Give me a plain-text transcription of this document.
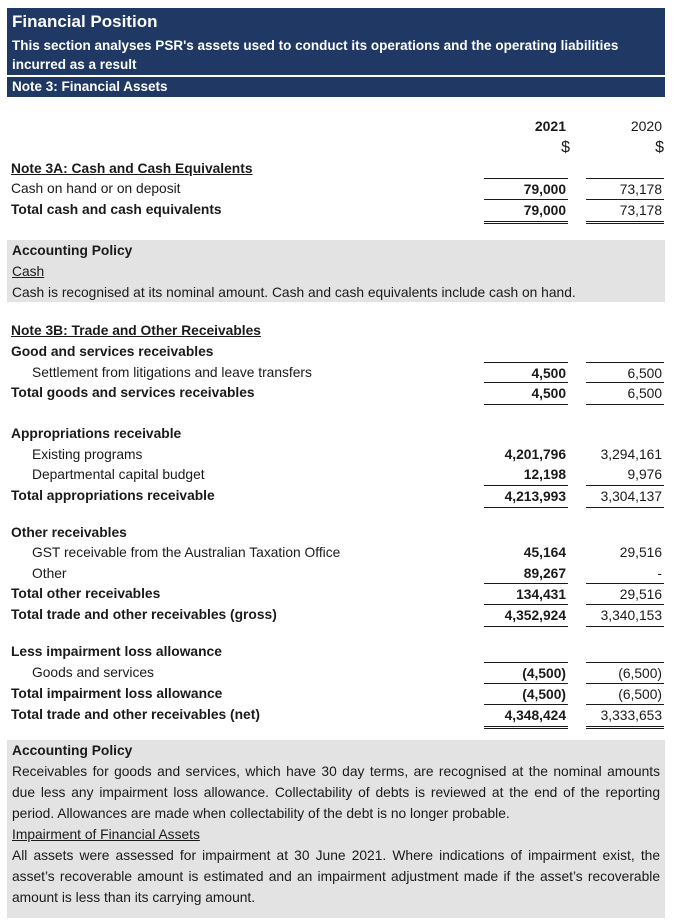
Financial Position
This section analyses PSR's assets used to conduct its operations and the operating liabilities incurred as a result
Note 3: Financial Assets
2021	2020
$	$
Note 3A: Cash and Cash Equivalents
Cash on hand or on deposit	79,000	73,178
Total cash and cash equivalents	79,000	73,178
Accounting Policy
Cash
Cash is recognised at its nominal amount. Cash and cash equivalents include cash on hand.
Note 3B: Trade and Other Receivables
Good and services receivables
Settlement from litigations and leave transfers	4,500	6,500
Total goods and services receivables	4,500	6,500
Appropriations receivable
Existing programs	4,201,796	3,294,161
Departmental capital budget	12,198	9,976
Total appropriations receivable	4,213,993	3,304,137
Other receivables
GST receivable from the Australian Taxation Office	45,164	29,516
Other	89,267	-
Total other receivables	134,431	29,516
Total trade and other receivables (gross)	4,352,924	3,340,153
Less impairment loss allowance
Goods and services	(4,500)	(6,500)
Total impairment loss allowance	(4,500)	(6,500)
Total trade and other receivables (net)	4,348,424	3,333,653
Accounting Policy
Receivables for goods and services, which have 30 day terms, are recognised at the nominal amounts due less any impairment loss allowance. Collectability of debts is reviewed at the end of the reporting period. Allowances are made when collectability of the debt is no longer probable.
Impairment of Financial Assets
All assets were assessed for impairment at 30 June 2021. Where indications of impairment exist, the asset’s recoverable amount is estimated and an impairment adjustment made if the asset’s recoverable amount is less than its carrying amount.
